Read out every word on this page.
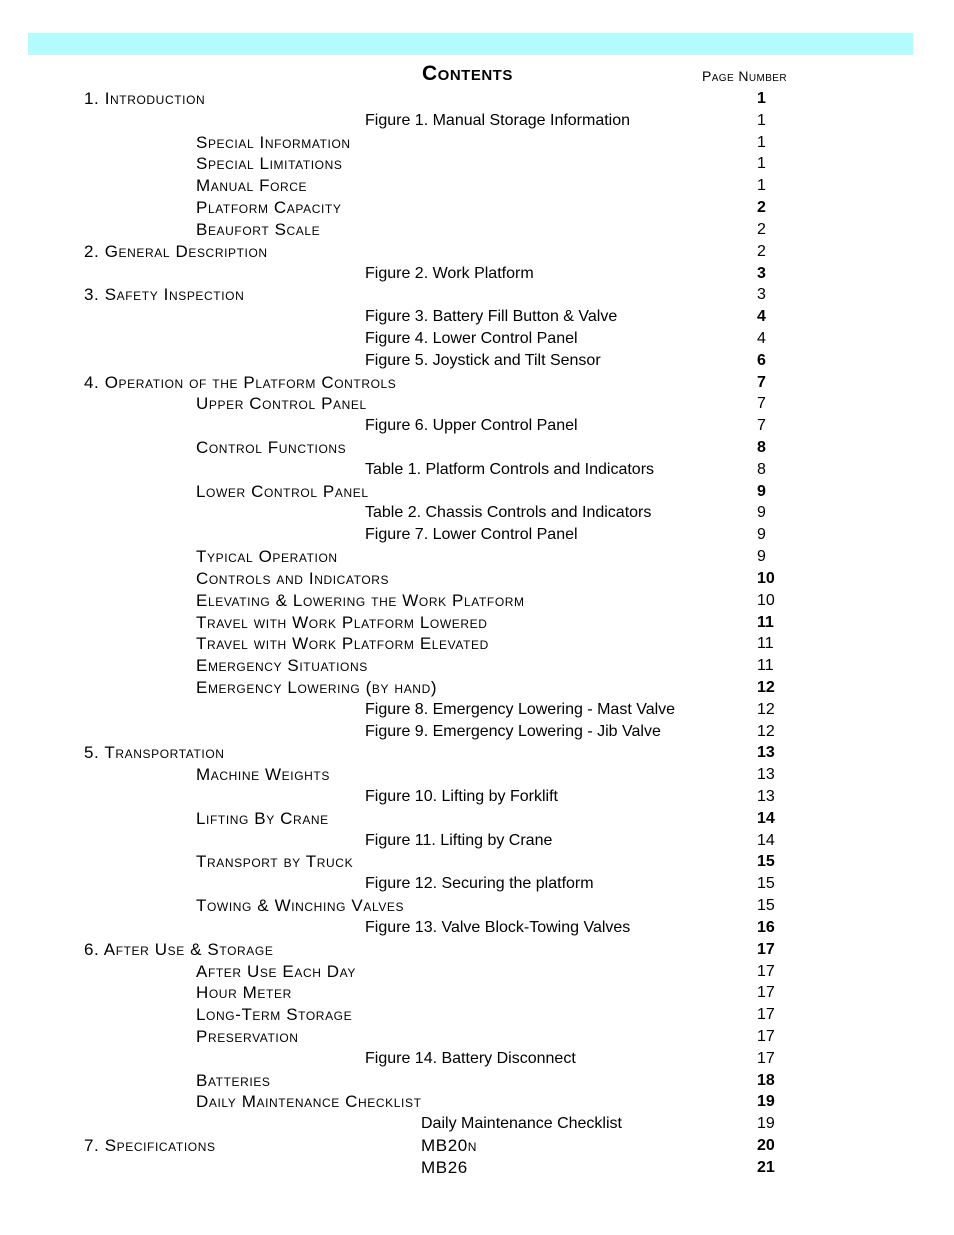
Contents	Page Number
1. Introduction	1
Figure 1. Manual Storage Information	1
Special Information	1
Special Limitations	1
Manual Force	1
Platform Capacity	2
Beaufort Scale	2
2. General Description	2
Figure 2. Work Platform	3
3. Safety Inspection	3
Figure 3. Battery Fill Button & Valve	4
Figure 4. Lower Control Panel	4
Figure 5. Joystick and Tilt Sensor	6
4. Operation of the Platform Controls	7
Upper Control Panel	7
Figure 6. Upper Control Panel	7
Control Functions	8
Table 1. Platform Controls and Indicators	8
Lower Control Panel	9
Table 2. Chassis Controls and Indicators	9
Figure 7. Lower Control Panel	9
Typical Operation	9
Controls and Indicators	10
Elevating & Lowering the Work Platform	10
Travel with Work Platform Lowered	11
Travel with Work Platform Elevated	11
Emergency Situations	11
Emergency Lowering (by hand)	12
Figure 8. Emergency Lowering - Mast Valve	12
Figure 9. Emergency Lowering - Jib Valve	12
5. Transportation	13
Machine Weights	13
Figure 10. Lifting by Forklift	13
Lifting By Crane	14
Figure 11. Lifting by Crane	14
Transport by Truck	15
Figure 12. Securing the platform	15
Towing & Winching Valves	15
Figure 13. Valve Block-Towing Valves	16
6. After Use & Storage	17
After Use Each Day	17
Hour Meter	17
Long-Term Storage	17
Preservation	17
Figure 14. Battery Disconnect	17
Batteries	18
Daily Maintenance Checklist	19
Daily Maintenance Checklist	19
7. Specifications	MB20n	20
MB26	21
